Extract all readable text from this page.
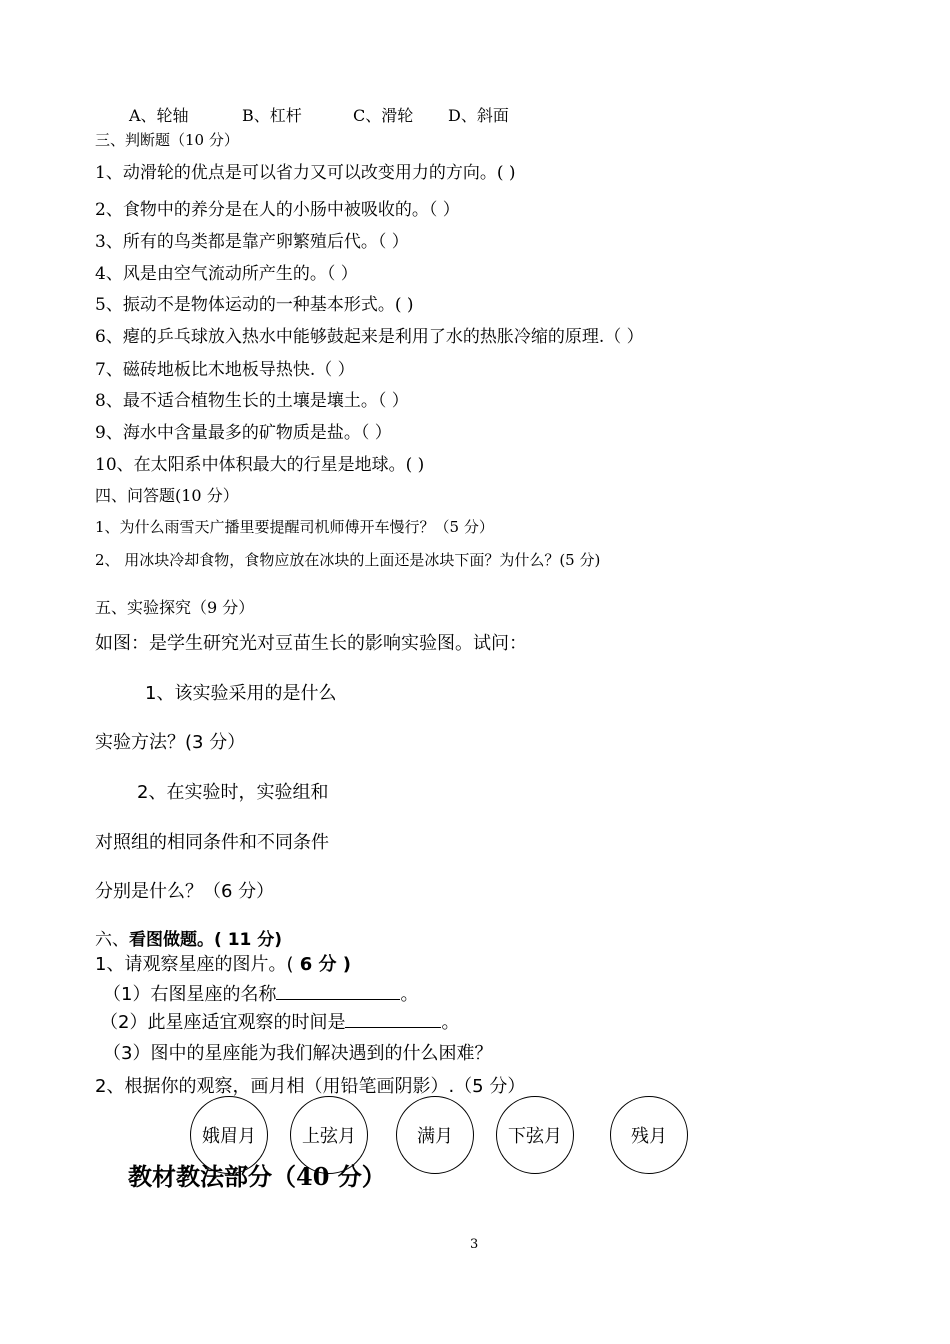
A、轮轴	B、杠杆	C、滑轮 D、斜面
三、判断题（10 分）
1、动滑轮的优点是可以省力又可以改变用力的方向。( )
2、食物中的养分是在人的小肠中被吸收的。（ ）
3、所有的鸟类都是靠产卵繁殖后代。（ ）
4、风是由空气流动所产生的。（ ）
5、振动不是物体运动的一种基本形式。( )
6、瘪的乒乓球放入热水中能够鼓起来是利用了水的热胀冷缩的原理.（ ）
7、磁砖地板比木地板导热快.（ ）
8、最不适合植物生长的土壤是壤土。（ ）
9、海水中含量最多的矿物质是盐。（ ）
10、在太阳系中体积最大的行星是地球。( )
四、问答题(10 分）
1、为什么雨雪天广播里要提醒司机师傅开车慢行？（5 分）
2、 用冰块冷却食物，食物应放在冰块的上面还是冰块下面？为什么？(5 分)
五、实验探究（9 分）
如图：是学生研究光对豆苗生长的影响实验图。试问：
1、该实验采用的是什么
实验方法？(3 分）
2、在实验时，实验组和
对照组的相同条件和不同条件
分别是什么？（6 分）
六、看图做题。( 11 分)
1、请观察星座的图片。( 6 分 )
（1）右图星座的名称	。
（2）此星座适宜观察的时间是	。
（3）图中的星座能为我们解决遇到的什么困难？
2、根据你的观察，画月相（用铅笔画阴影）.（5 分）
娥眉月	上弦月	满月	下弦月	残月
教材教法部分（40 分）
3
